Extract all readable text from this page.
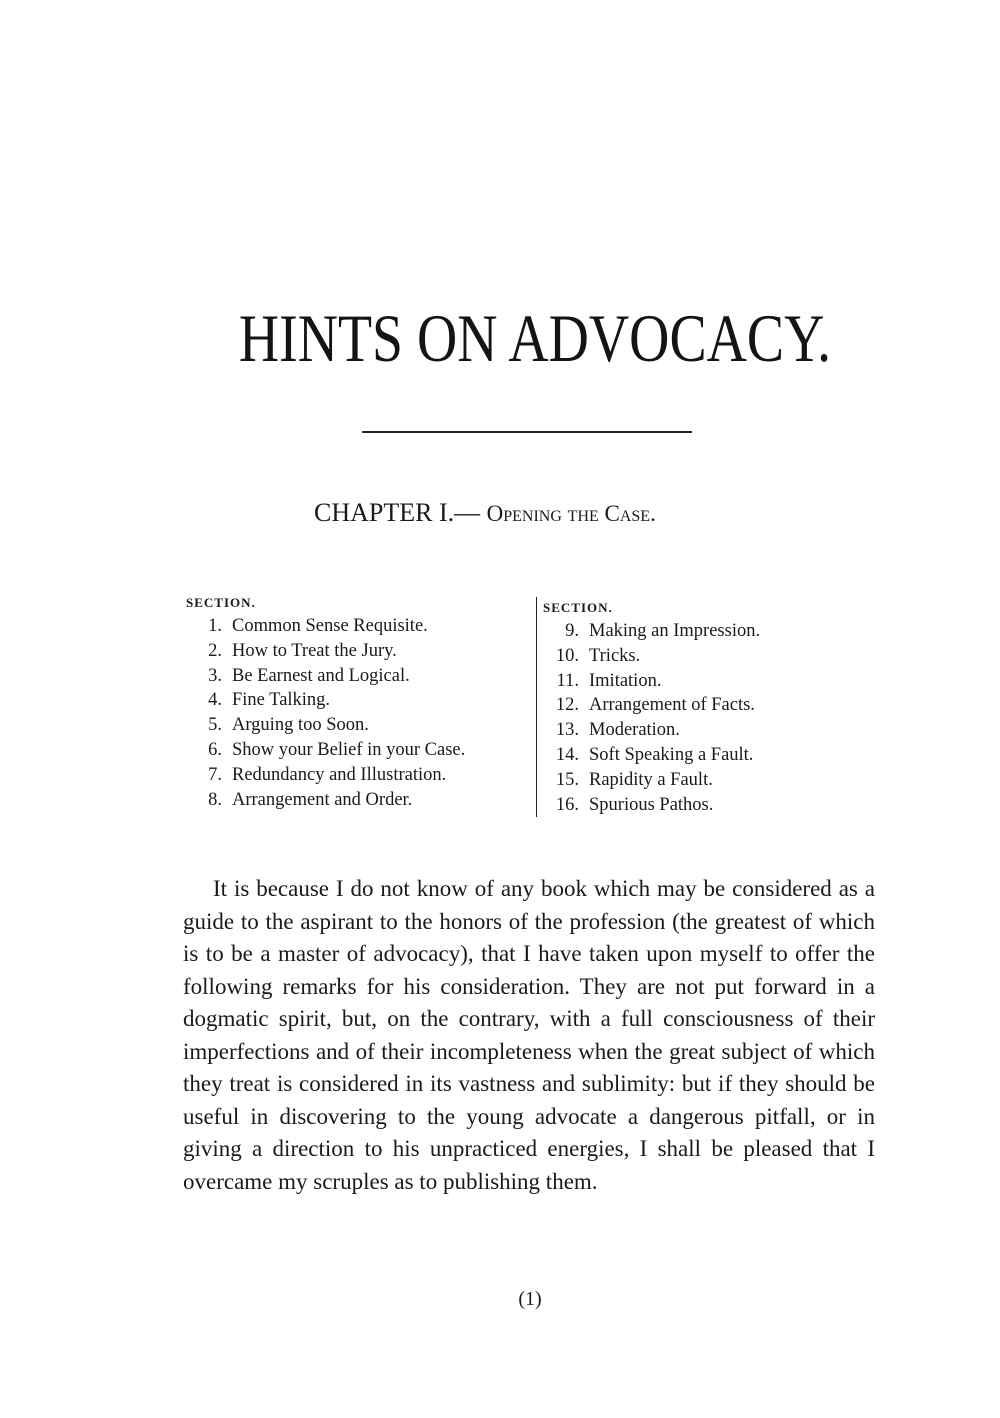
HINTS ON ADVOCACY.
CHAPTER I.— Opening the Case.
SECTION.
1. Common Sense Requisite.
2. How to Treat the Jury.
3. Be Earnest and Logical.
4. Fine Talking.
5. Arguing too Soon.
6. Show your Belief in your Case.
7. Redundancy and Illustration.
8. Arrangement and Order.
SECTION.
9. Making an Impression.
10. Tricks.
11. Imitation.
12. Arrangement of Facts.
13. Moderation.
14. Soft Speaking a Fault.
15. Rapidity a Fault.
16. Spurious Pathos.

It is because I do not know of any book which may be considered as a guide to the aspirant to the honors of the profession (the greatest of which is to be a master of advocacy), that I have taken upon myself to offer the following remarks for his consideration. They are not put forward in a dogmatic spirit, but, on the contrary, with a full consciousness of their imperfections and of their incompleteness when the great subject of which they treat is considered in its vastness and sublimity: but if they should be useful in discovering to the young advocate a dangerous pitfall, or in giving a direction to his unpracticed energies, I shall be pleased that I overcame my scruples as to publishing them.

(1)
